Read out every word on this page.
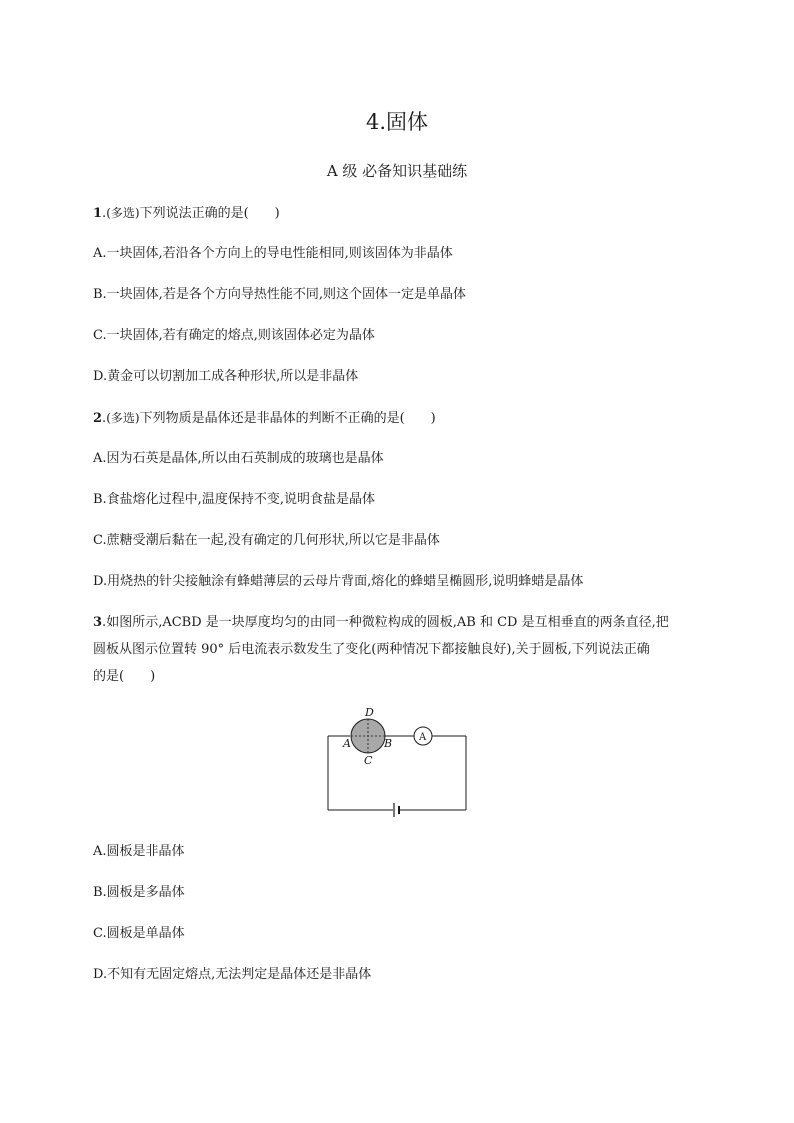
4.固体
A 级 必备知识基础练
1.(多选)下列说法正确的是(　　)
A.一块固体,若沿各个方向上的导电性能相同,则该固体为非晶体
B.一块固体,若是各个方向导热性能不同,则这个固体一定是单晶体
C.一块固体,若有确定的熔点,则该固体必定为晶体
D.黄金可以切割加工成各种形状,所以是非晶体
2.(多选)下列物质是晶体还是非晶体的判断不正确的是(　　)
A.因为石英是晶体,所以由石英制成的玻璃也是晶体
B.食盐熔化过程中,温度保持不变,说明食盐是晶体
C.蔗糖受潮后黏在一起,没有确定的几何形状,所以它是非晶体
D.用烧热的针尖接触涂有蜂蜡薄层的云母片背面,熔化的蜂蜡呈椭圆形,说明蜂蜡是晶体
3.如图所示,ACBD 是一块厚度均匀的由同一种微粒构成的圆板,AB 和 CD 是互相垂直的两条直径,把
圆板从图示位置转 90° 后电流表示数发生了变化(两种情况下都接触良好),关于圆板,下列说法正确
的是(　　)
A
D
A	B
C
A.圆板是非晶体
B.圆板是多晶体
C.圆板是单晶体
D.不知有无固定熔点,无法判定是晶体还是非晶体
